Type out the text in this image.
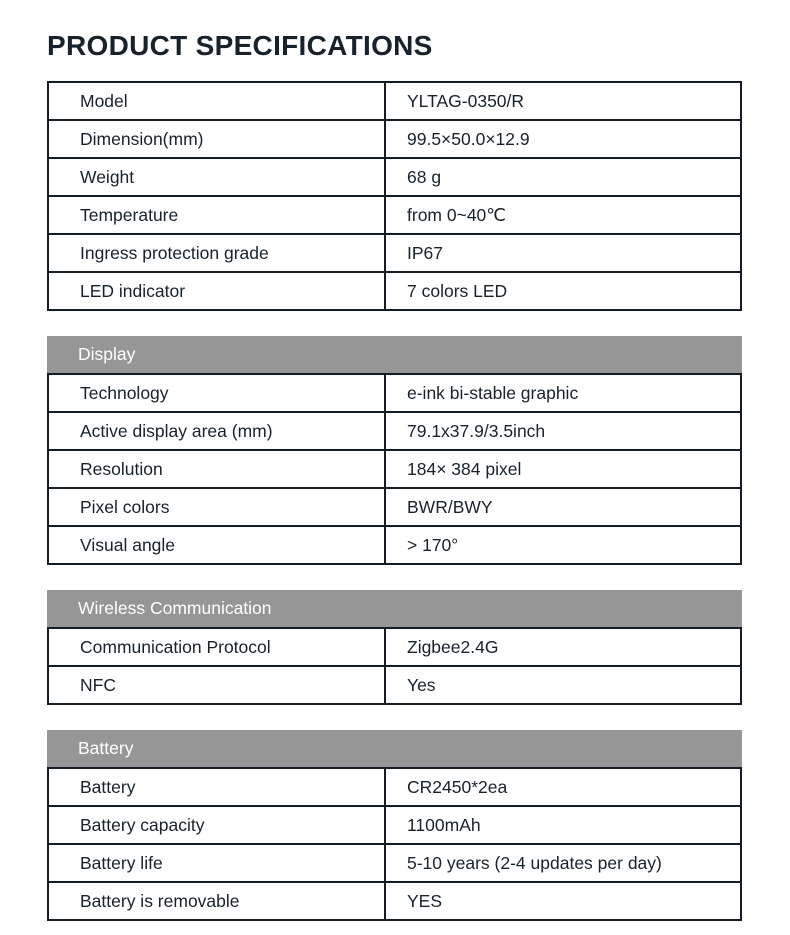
PRODUCT SPECIFICATIONS
Model	YLTAG-0350/R
Dimension(mm)	99.5×50.0×12.9
Weight	68 g
Temperature	from 0~40℃
Ingress protection grade	IP67
LED indicator	7 colors LED
Display
Technology	e-ink bi-stable graphic
Active display area (mm)	79.1x37.9/3.5inch
Resolution	184× 384 pixel
Pixel colors	BWR/BWY
Visual angle	> 170°
Wireless Communication
Communication Protocol	Zigbee2.4G
NFC	Yes
Battery
Battery	CR2450*2ea
Battery capacity	1100mAh
Battery life	5-10 years (2-4 updates per day)
Battery is removable	YES
